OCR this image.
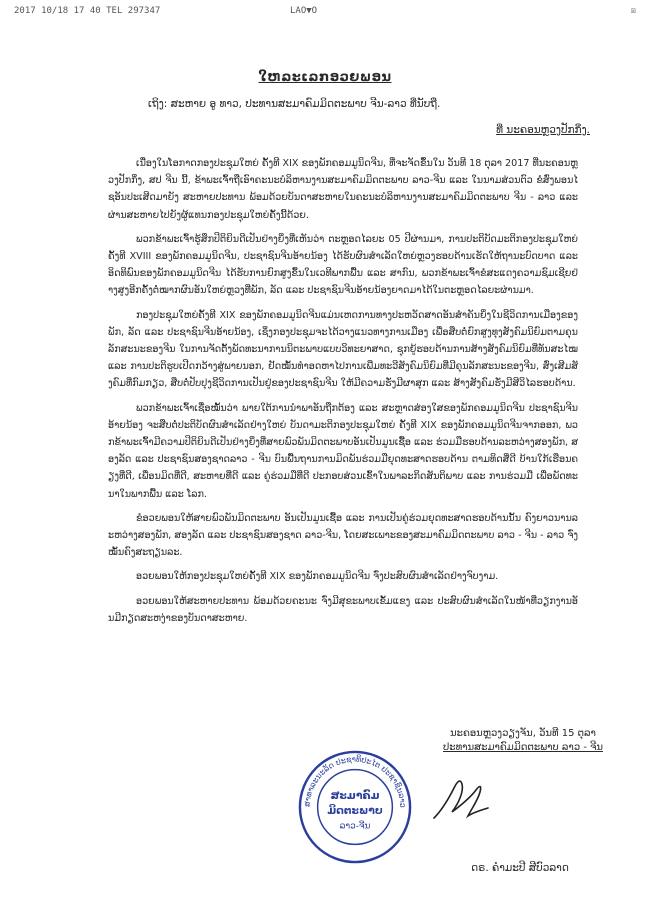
2017 10/18 17 40 TEL 297347	LAO▼O	☒
ໃຫລະເລກອວຍພອນ
ເຖິງ: ສະຫາຍ ອູ ທາວ, ປະທານສະມາຄົມມິດຕະພາບ ຈີນ-ລາວ ທີ່ນັບຖື.
ທີ່ ນະຄອນຫຼວງປັກກິ່ງ.

ເນື່ອງໃນໂອກາດກອງປະຊຸມໃຫຍ່ ຄັ້ງທີ XIX ຂອງພັກຄອມມູນິດຈີນ, ທີ່ຈະຈັດຂຶ້ນໃນ ວັນທີ 18 ຕຸລາ 2017 ທີ່ນະຄອນຫຼວງປັກກິ່ງ, ສປ ຈີນ ນີ້, ຂ້າພະເຈົ້າຖືເອົາຄະນະບໍລິຫານງານສະມາຄົມມິດຕະພາບ ລາວ-ຈີນ ແລະ ໃນນາມສ່ວນຕົວ ຂໍສົ່ງພອນໄຊອັນປະເສີດມາຍັງ ສະຫາຍປະທານ ພ້ອມດ້ວຍບັນດາສະຫາຍໃນຄະນະບໍລິຫານງານສະມາຄົມມິດຕະພາບ ຈີນ - ລາວ ແລະ ຜ່ານສະຫາຍໄປຍັງຜູ້ແທນກອງປະຊຸມໃຫຍ່ຄັ້ງນີ້ດ້ວຍ.

ພວກຂ້າພະເຈົ້າຮູ້ສຶກປິຕິຍິນດີເປັນຢ່າງຍິ່ງທີ່ເຫັນວ່າ ຕະຫຼອດໄລຍະ 05 ປີຜ່ານມາ, ການປະຕິບັດມະຕິກອງປະຊຸມໃຫຍ່ ຄັ້ງທີ XVIII ຂອງພັກຄອມມູນິດຈີນ, ປະຊາຊົນຈີນອ້າຍນ້ອງ ໄດ້ຮັບຜົນສຳເລັດໃຫຍ່ຫຼວງຮອບດ້ານເຮັດໃຫ້ຖານະບົດບາດ ແລະ ອິດທິພົນຂອງພັກຄອມມູນິດຈີນ ໄດ້ຮັບການຍົກສູງຂຶ້ນໃນເວທີພາກພື້ນ ແລະ ສາກົນ, ພວກຂ້າພະເຈົ້າຂໍສະແດງຄວາມຊົມເຊີຍຢ່າງສູງອີກຄັ້ງຕໍ່ໝາກຜົນອັນໃຫຍ່ຫຼວງທີ່ພັກ, ລັດ ແລະ ປະຊາຊົນຈີນອ້າຍນ້ອງຍາດມາໄດ້ໃນຕະຫຼອດໄລຍະຜ່ານມາ.

ກອງປະຊຸມໃຫຍ່ຄັ້ງທີ XIX ຂອງພັກຄອມມູນິດຈີນແມ່ນເຫດການທາງປະຫວັດສາດອັນສຳຄັນຍິ່ງໃນຊີວິດການເມືອງຂອງພັກ, ລັດ ແລະ ປະຊາຊົນຈີນອ້າຍນ້ອງ, ເຊິ່ງກອງປະຊຸມຈະໄດ້ວາງແນວທາງການເມືອງ ເພື່ອສືບຕໍ່ຍົກສູງທຸງສັງຄົມນິຍົມຕາມຄຸນລັກສະນະຂອງຈີນ ໃນການຈັດຕັ້ງພັດທະນາການນິຕະພາບແບບວິທະຍາສາດ, ຊຸກຍູ້ຮອບດ້ານການສ້າງສັງຄົມນິຍົມທີ່ທັນສະໄໝ ແລະ ການປະຕິຮູບເປີດກວ້າງສູ່ພາຍນອກ, ຢັດໝັ້ນທໍາອດຫາໄປການເພີ່ມທະວີສັງຄົມນິຍົມທີ່ມີຄຸນລັກສະນະຂອງຈີນ, ສົ່ງເສີມສັງຄົມທີ່ກົມກຽວ, ສືບຕໍ່ປັບປຸງຊີວິດການເປັນຢູ່ຂອງປະຊາຊົນຈີນ ໃຫ້ມີຄວາມຮັ່ງມີຜາສຸກ ແລະ ສ້າງສັງຄົມຮັ່ງມີສີວິໄລຮອບດ້ານ.

ພວກຂ້າພະເຈົ້າເຊື່ອໝັ້ນວ່າ ພາຍໃຕ້ການນໍາພາອັນຖືກຕ້ອງ ແລະ ສະຫຼາດສ່ອງໃສຂອງພັກຄອມມູນິດຈີນ ປະຊາຊົນຈີນອ້າຍນ້ອງ ຈະສືບຕໍ່ປະຕິບັດຜົນສໍາເລັດຢ່າງໃຫຍ່ ບັນດາມະຕິກອງປະຊຸມໃຫຍ່ ຄັ້ງທີ XIX ຂອງພັກຄອມມູນິດຈີນຈາກອອກ, ພວກຂ້າພະເຈົ້າມີຄວາມປິຕິຍິນດີເປັນຢ່າງຍິ່ງທີ່ສາຍພົວພັນມິດຕະພາບອັນເປັນມູນເຊື້ອ ແລະ ຮ່ວມມືຮອບດ້ານລະຫວ່າງສອງພັກ, ສອງລັດ ແລະ ປະຊາຊົນສອງຊາດລາວ - ຈີນ ບົນພື້ນຖານການມິດພັນຮ່ວມມືຍຸດທະສາດຮອບດ້ານ ຕາມທິດສີ່ດີ ບ້ານໃກ້ເຮືອນຄຽງທີ່ດີ, ເພື່ອນມິດທີ່ດີ, ສະຫາຍທີ່ດີ ແລະ ຄູ່ຮ່ວມມືທີ່ດີ ປະກອບສ່ວນເຂົ້າໃນພາລະກິດສັນຕິພາບ ແລະ ການຮ່ວມມື ເພື່ອພັດທະນາໃນພາກພື້ນ ແລະ ໂລກ.

ຂໍອວຍພອນໃຫ້ສາຍພົວພັນມິດຕະພາບ ອັນເປັນມູນເຊື້ອ ແລະ ການເປັນຄູ່ຮ່ວມຍຸດທະສາດຮອບດ້ານນັ້ນ ຄົງຍາວນານລະຫວ່າງສອງພັກ, ສອງລັດ ແລະ ປະຊາຊົນສອງຊາດ ລາວ-ຈີນ, ໂດຍສະເພາະຂອງສະມາຄົມມິດຕະພາບ ລາວ - ຈີນ - ລາວ ຈົ່ງໝັ້ນຄົງສະຖຽນລະ.

ອວຍພອນໃຫ້ກອງປະຊຸມໃຫຍ່ຄັ້ງທີ XIX ຂອງພັກຄອມມູນິດຈີນ ຈົ່ງປະສົບຜົນສໍາເລັດຢ່າງຈົບງາມ.

ອວຍພອນໃຫ້ສະຫາຍປະທານ ພ້ອມດ້ວຍຄະນະ ຈົ່ງມີສຸຂະພາບເຂັ້ມແຂງ ແລະ ປະສົບຜົນສໍາເລັດໃນໜ້າທີ່ວຽກງານອັນມີກຽດສະຫງ່າຂອງບັນດາສະຫາຍ.

ນະຄອນຫຼວງວຽງຈັນ, ວັນທີ 15 ຕຸລາ
ປະທານສະມາຄົມມິດຕະພາບ ລາວ - ຈີນ
ສາທາລະນະລັດ ປະຊາທິປະໄຕ ປະຊາຊົນລາວ
ສະມາຄົມ
ມິດຕະພາບ
ລາວ-ຈີນ
ດຣ. ຄຳມະປີ ສີບົວລາດ
